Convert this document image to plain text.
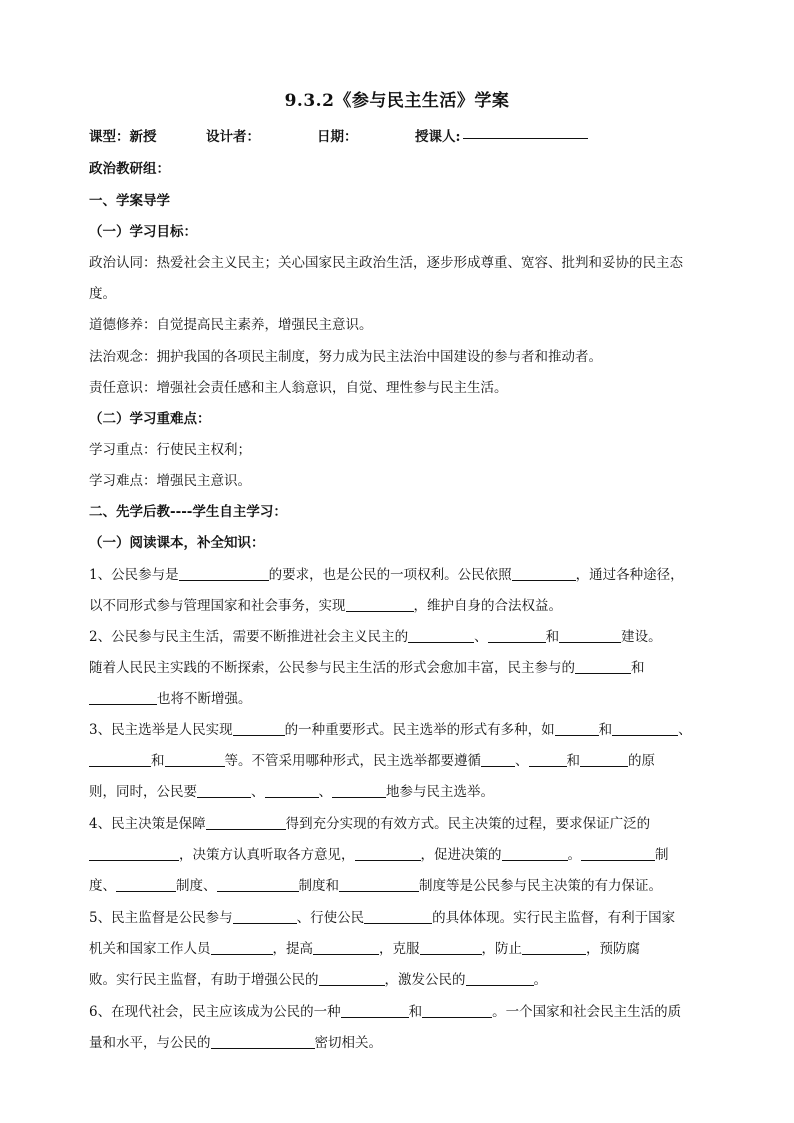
9.3.2《参与民主生活》学案
课型：新授	设计者：	日期：	授课人:
政治教研组：
一、学案导学
（一）学习目标：
政治认同：热爱社会主义民主；关心国家民主政治生活，逐步形成尊重、宽容、批判和妥协的民主态
度。
道德修养：自觉提高民主素养，增强民主意识。
法治观念：拥护我国的各项民主制度，努力成为民主法治中国建设的参与者和推动者。
责任意识：增强社会责任感和主人翁意识，自觉、理性参与民主生活。
（二）学习重难点：
学习重点：行使民主权利；
学习难点：增强民主意识。
二、先学后教----学生自主学习：
（一）阅读课本，补全知识：
1、公民参与是	的要求，也是公民的一项权利。公民依照	，通过各种途径，
以不同形式参与管理国家和社会事务，实现	，维护自身的合法权益。
2、公民参与民主生活，需要不断推进社会主义民主的	、	和	建设。
随着人民民主实践的不断探索，公民参与民主生活的形式会愈加丰富，民主参与的	和
也将不断增强。
3、民主选举是人民实现	的一种重要形式。民主选举的形式有多种，如	和	、
和	等。不管采用哪种形式，民主选举都要遵循	、	和	的原
则，同时，公民要	、	、	地参与民主选举。
4、民主决策是保障	得到充分实现的有效方式。民主决策的过程，要求保证广泛的
，决策方认真听取各方意见，	，促进决策的	。	制
度、	制度、	制度和	制度等是公民参与民主决策的有力保证。
5、民主监督是公民参与	、行使公民	的具体体现。实行民主监督，有利于国家
机关和国家工作人员	，提高	，克服	，防止	，预防腐
败。实行民主监督，有助于增强公民的	，激发公民的	。
6、在现代社会，民主应该成为公民的一种	和	。一个国家和社会民主生活的质
量和水平，与公民的	密切相关。
